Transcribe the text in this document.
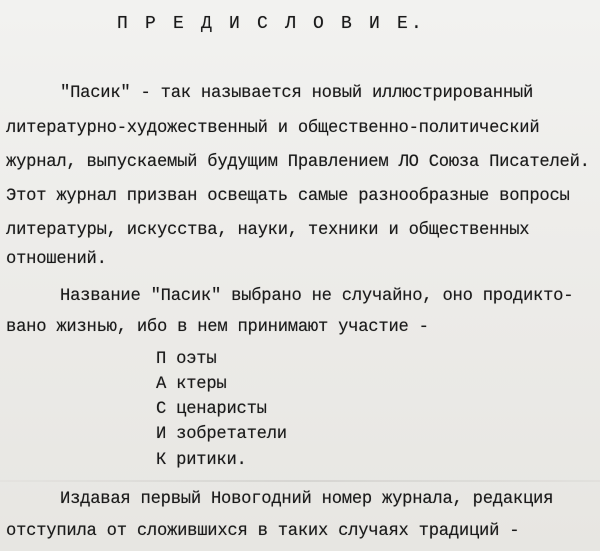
П Р Е Д И С Л О В И Е.
"Пасик" - так называется новый иллюстрированный
литературно-художественный и общественно-политический
журнал, выпускаемый будущим Правлением ЛО Союза Писателей.
Этот журнал призван освещать самые разнообразные вопросы
литературы, искусства, науки, техники и общественных
отношений.
Название "Пасик" выбрано не случайно, оно продикто-
вано жизнью, ибо в нем принимают участие -
П оэты
А ктеры
С ценаристы
И зобретатели
К ритики.
Издавая первый Новогодний номер журнала, редакция
отступила от сложившихся в таких случаях традиций -
